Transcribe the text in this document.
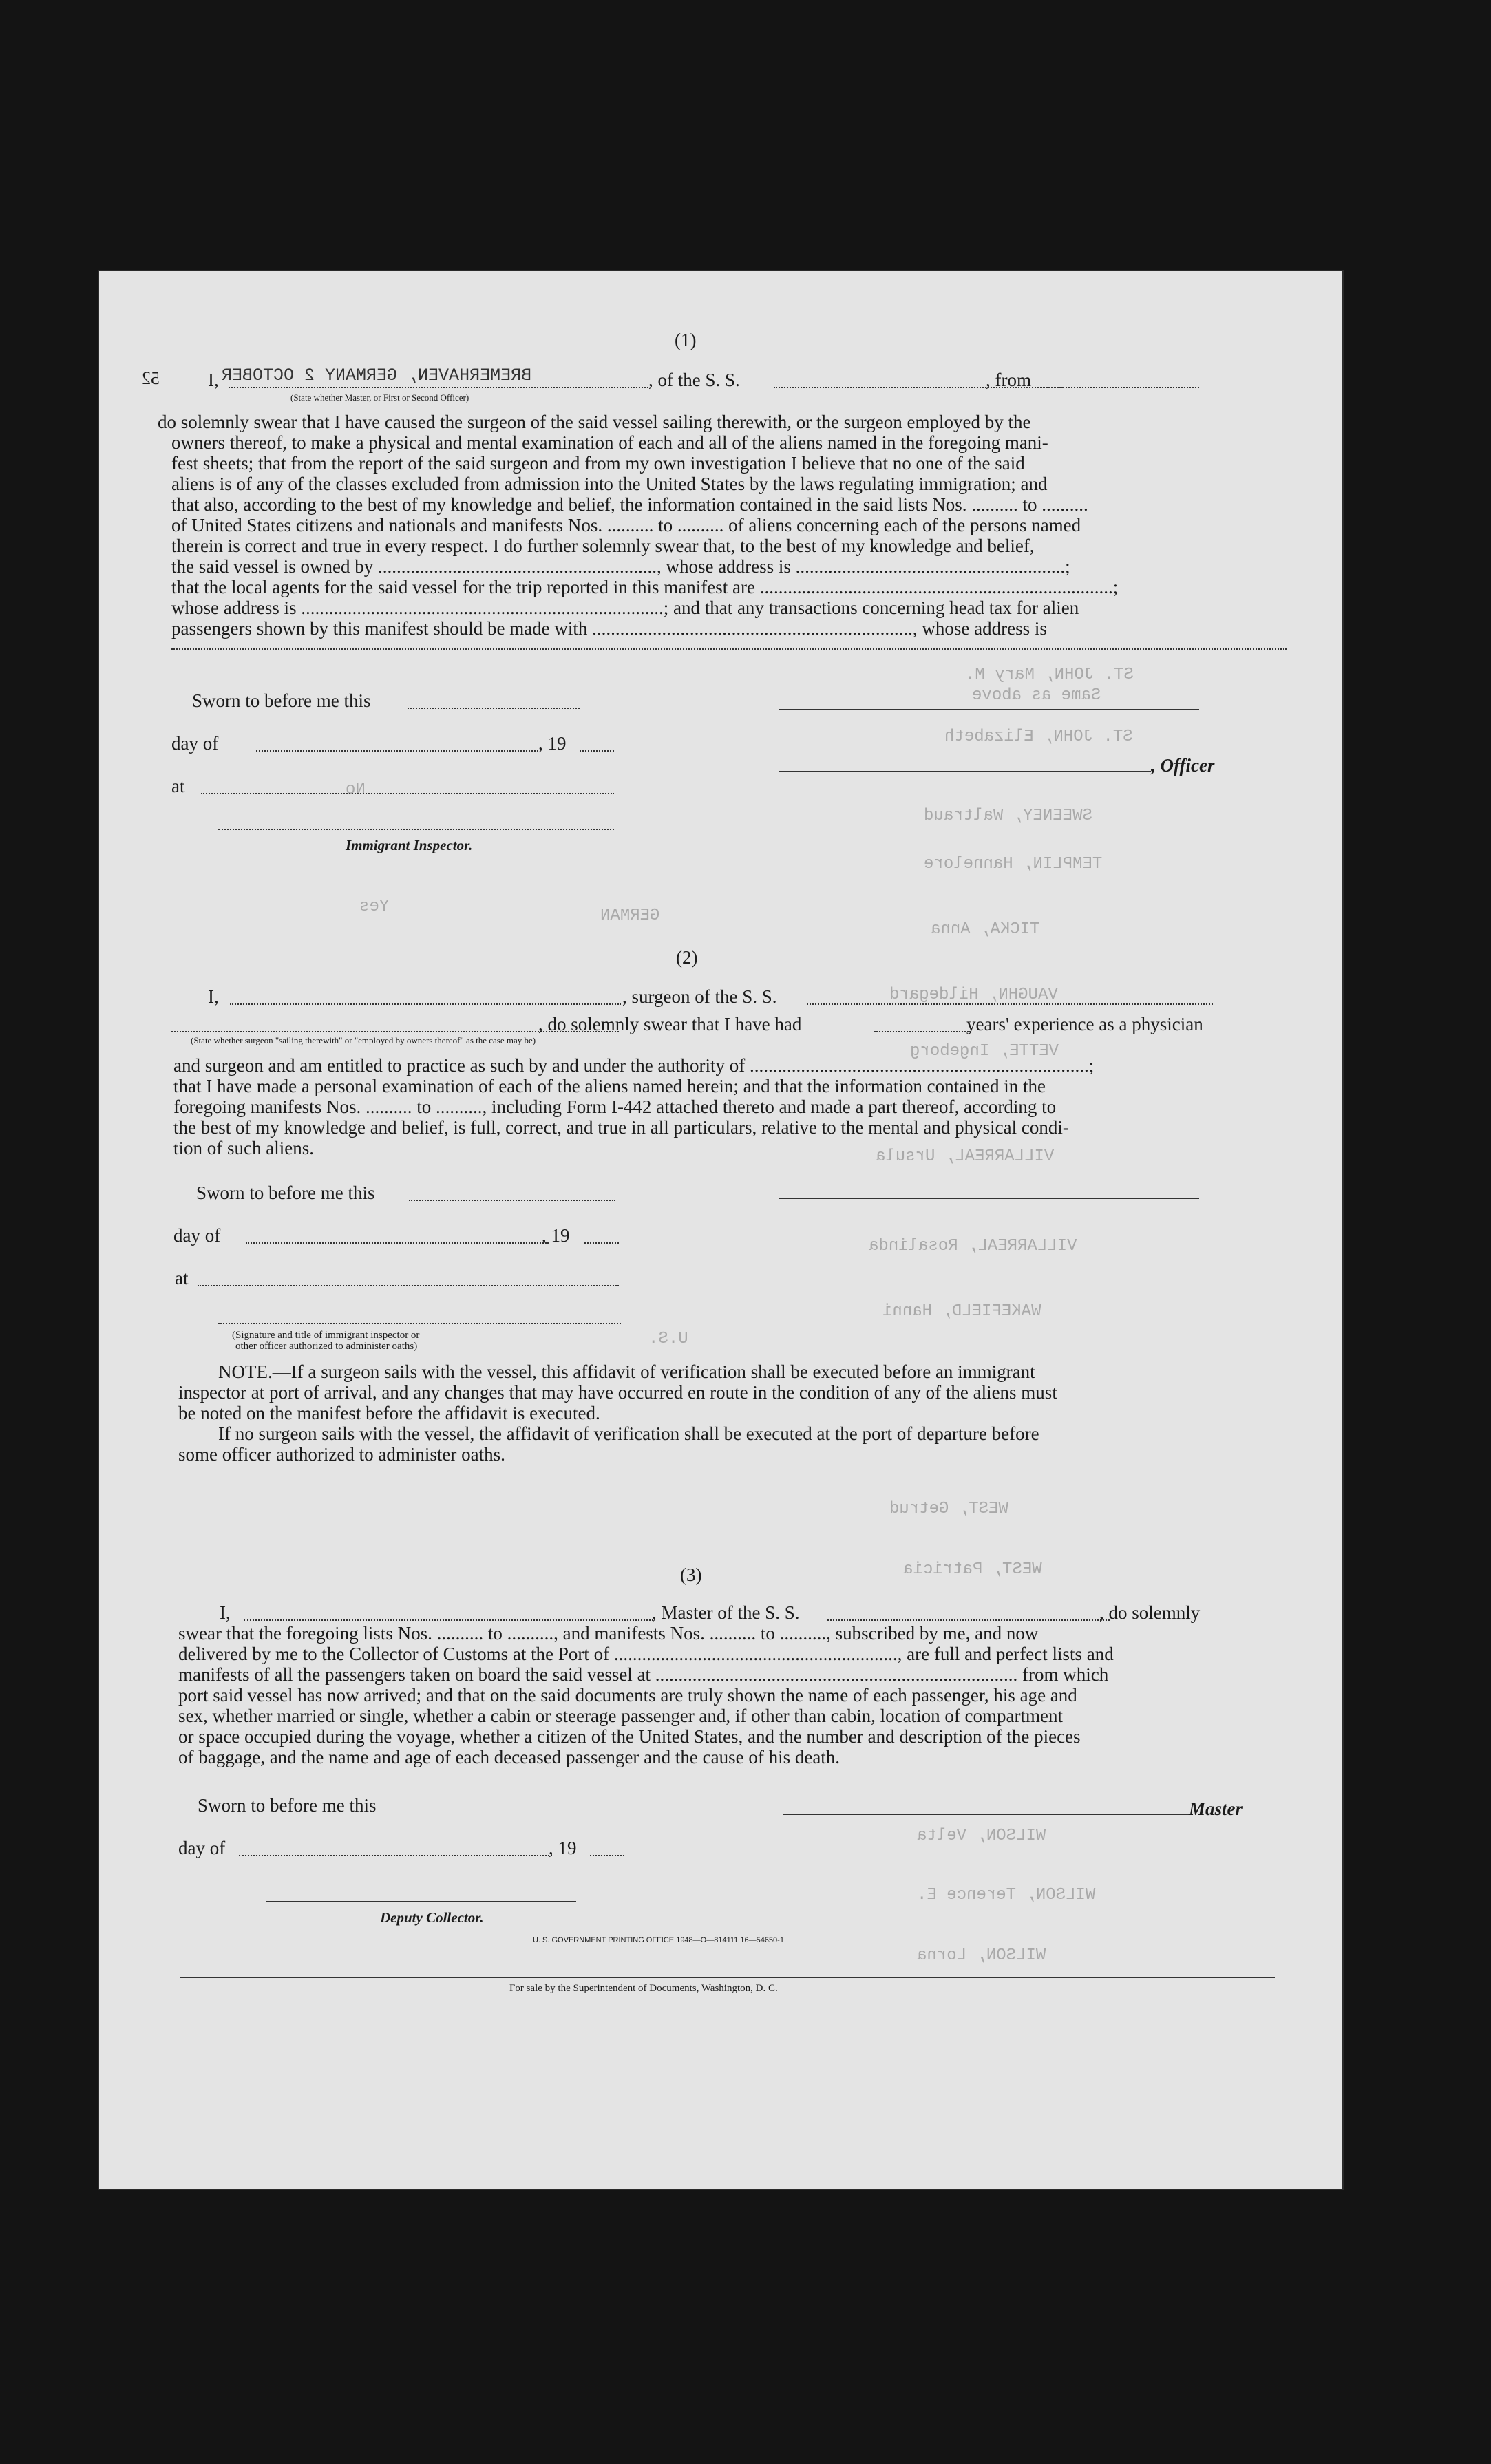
ST. JOHN, Mary M.
Same as above
ST. JOHN, Elizabeth
SWEENEY, Waltraud
TEMPLIN, Hannelore
TICKA, Anna
VAUGHN, Hildegard
VETTE, Ingeborg
VILLARREAL, Ursula
VILLARREAL, Rosalinda
WAKEFIELD, Hanni
WEST, Getrud
WEST, Patricia
WILSON, Velta
WILSON, Terence E.
WILSON, Lorna
GERMAN
U.S.
Yes
No
(1)
BREMERHAVEN, GERMANY 2 OCTOBER
52	I,	, of the S. S.	, from
(State whether Master, or First or Second Officer)
do solemnly swear that I have caused the surgeon of the said vessel sailing therewith, or the surgeon employed by the
owners thereof, to make a physical and mental examination of each and all of the aliens named in the foregoing mani-
fest sheets; that from the report of the said surgeon and from my own investigation I believe that no one of the said
aliens is of any of the classes excluded from admission into the United States by the laws regulating immigration; and
that also, according to the best of my knowledge and belief, the information contained in the said lists Nos. .......... to ..........
of United States citizens and nationals and manifests Nos. .......... to .......... of aliens concerning each of the persons named
therein is correct and true in every respect. I do further solemnly swear that, to the best of my knowledge and belief,
the said vessel is owned by ............................................................, whose address is ..........................................................;
that the local agents for the said vessel for the trip reported in this manifest are ............................................................................;
whose address is ..............................................................................; and that any transactions concerning head tax for alien
passengers shown by this manifest should be made with ....................................................................., whose address is
Sworn to before me this
day of	, 19
, Officer
at
Immigrant Inspector.
(2)
I,	, surgeon of the S. S.
, do solemnly swear that I have had	years' experience as a physician
(State whether surgeon "sailing therewith" or "employed by owners thereof" as the case may be)
and surgeon and am entitled to practice as such by and under the authority of .........................................................................;
that I have made a personal examination of each of the aliens named herein; and that the information contained in the
foregoing manifests Nos. .......... to .........., including Form I-442 attached thereto and made a part thereof, according to
the best of my knowledge and belief, is full, correct, and true in all particulars, relative to the mental and physical condi-
tion of such aliens.
Sworn to before me this
day of	, 19
at
(Signature and title of immigrant inspector or
other officer authorized to administer oaths)
NOTE.—If a surgeon sails with the vessel, this affidavit of verification shall be executed before an immigrant
inspector at port of arrival, and any changes that may have occurred en route in the condition of any of the aliens must
be noted on the manifest before the affidavit is executed.
If no surgeon sails with the vessel, the affidavit of verification shall be executed at the port of departure before
some officer authorized to administer oaths.
(3)
I,	, Master of the S. S.	, do solemnly
swear that the foregoing lists Nos. .......... to .........., and manifests Nos. .......... to .........., subscribed by me, and now
delivered by me to the Collector of Customs at the Port of ............................................................., are full and perfect lists and
manifests of all the passengers taken on board the said vessel at .............................................................................. from which
port said vessel has now arrived; and that on the said documents are truly shown the name of each passenger, his age and
sex, whether married or single, whether a cabin or steerage passenger and, if other than cabin, location of compartment
or space occupied during the voyage, whether a citizen of the United States, and the number and description of the pieces
of baggage, and the name and age of each deceased passenger and the cause of his death.
Sworn to before me this	Master
day of	, 19
Deputy Collector.
U. S. GOVERNMENT PRINTING OFFICE 1948—O—814111 16—54650-1
For sale by the Superintendent of Documents, Washington, D. C.
